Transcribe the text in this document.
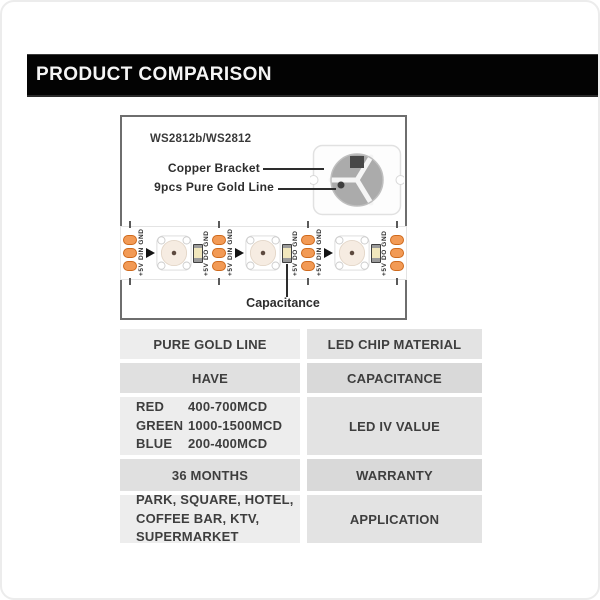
PRODUCT COMPARISON
WS2812b/WS2812
Copper Bracket
9pcs Pure Gold Line
+5V DIN GND	+5V DO GND	+5V DIN GND	+5V DO GND	+5V DIN GND	+5V DO GND
Capacitance
PURE GOLD LINE	LED CHIP MATERIAL
HAVE	CAPACITANCE
RED	400-700MCD
GREEN 1000-1500MCD
BLUE	200-400MCD
LED IV VALUE
36 MONTHS	WARRANTY
PARK, SQUARE, HOTEL,
COFFEE BAR, KTV,
SUPERMARKET
APPLICATION
